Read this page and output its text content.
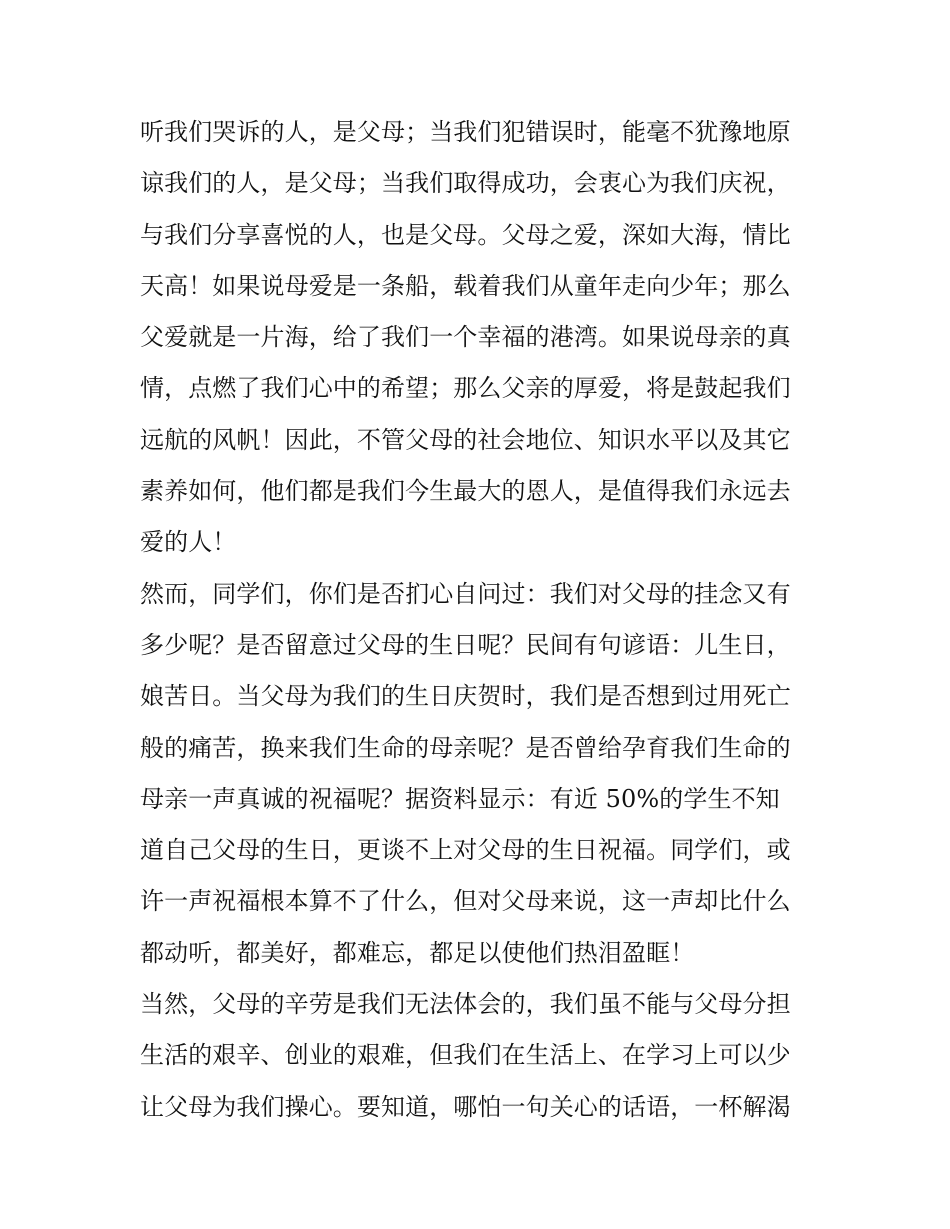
听我们哭诉的人，是父母；当我们犯错误时，能毫不犹豫地原
谅我们的人，是父母；当我们取得成功，会衷心为我们庆祝，
与我们分享喜悦的人，也是父母。父母之爱，深如大海，情比
天高！如果说母爱是一条船，载着我们从童年走向少年；那么
父爱就是一片海，给了我们一个幸福的港湾。如果说母亲的真
情，点燃了我们心中的希望；那么父亲的厚爱，将是鼓起我们
远航的风帆！因此，不管父母的社会地位、知识水平以及其它
素养如何，他们都是我们今生最大的恩人，是值得我们永远去
爱的人！
然而，同学们，你们是否扪心自问过：我们对父母的挂念又有
多少呢？是否留意过父母的生日呢？民间有句谚语：儿生日，
娘苦日。当父母为我们的生日庆贺时，我们是否想到过用死亡
般的痛苦，换来我们生命的母亲呢？是否曾给孕育我们生命的
母亲一声真诚的祝福呢？据资料显示：有近 50%的学生不知
道自己父母的生日，更谈不上对父母的生日祝福。同学们，或
许一声祝福根本算不了什么，但对父母来说，这一声却比什么
都动听，都美好，都难忘，都足以使他们热泪盈眶！
当然，父母的辛劳是我们无法体会的，我们虽不能与父母分担
生活的艰辛、创业的艰难，但我们在生活上、在学习上可以少
让父母为我们操心。要知道，哪怕一句关心的话语，一杯解渴
